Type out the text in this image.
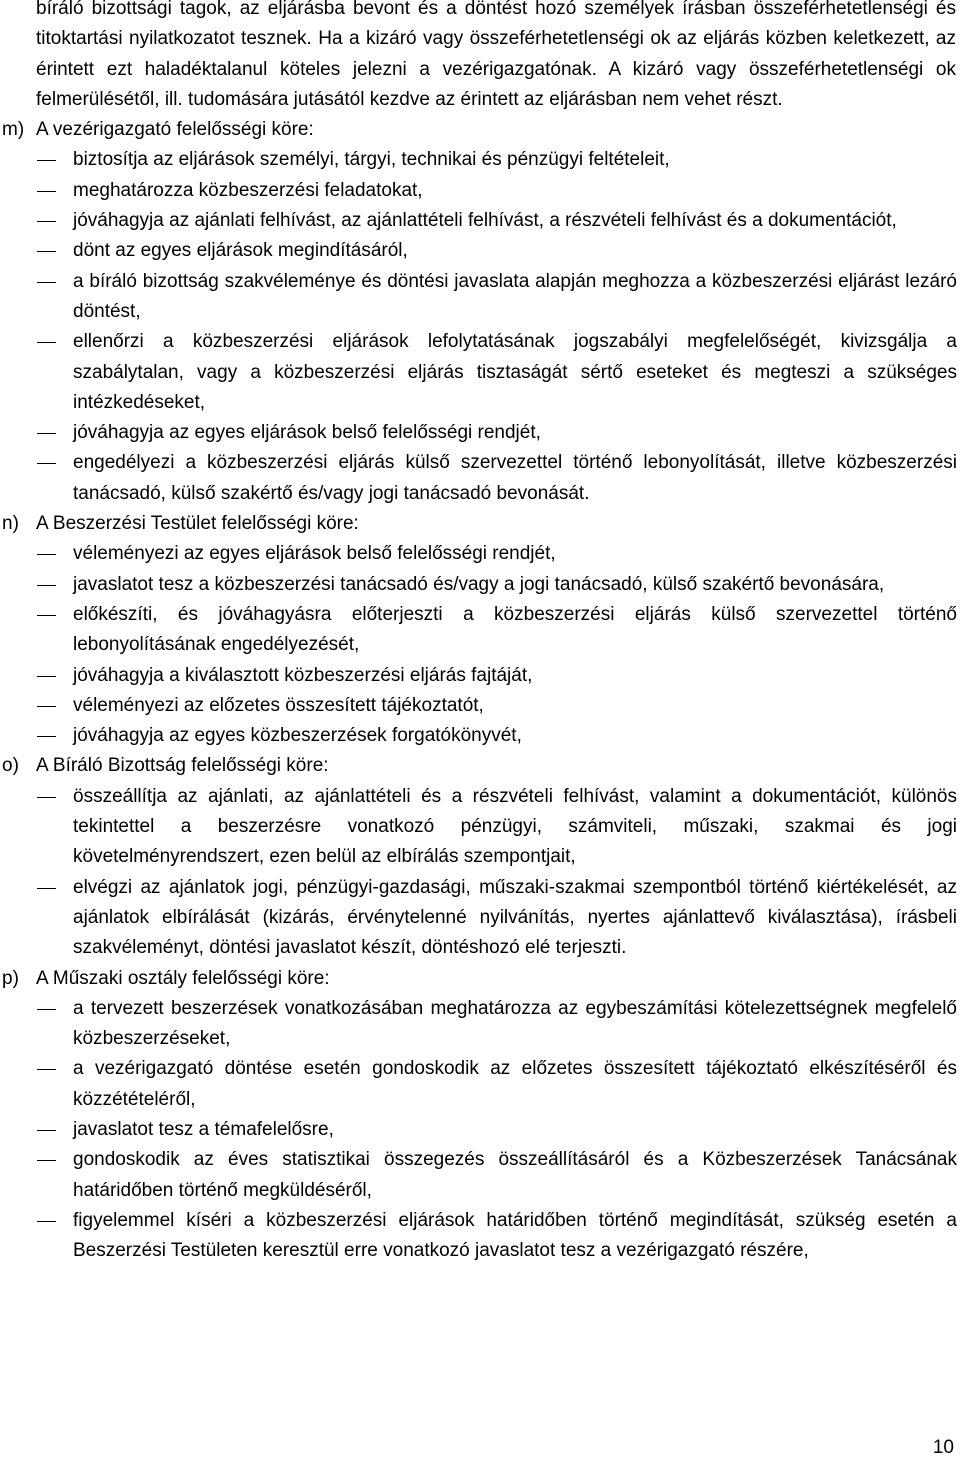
bíráló bizottsági tagok, az eljárásba bevont és a döntést hozó személyek írásban összeférhetetlenségi és titoktartási nyilatkozatot tesznek. Ha a kizáró vagy összeférhetetlenségi ok az eljárás közben keletkezett, az érintett ezt haladéktalanul köteles jelezni a vezérigazgatónak. A kizáró vagy összeférhetetlenségi ok felmerülésétől, ill. tudomására jutásától kezdve az érintett az eljárásban nem vehet részt.

m) A vezérigazgató felelősségi köre:
biztosítja az eljárások személyi, tárgyi, technikai és pénzügyi feltételeit,
meghatározza közbeszerzési feladatokat,
jóváhagyja az ajánlati felhívást, az ajánlattételi felhívást, a részvételi felhívást és a dokumentációt,
dönt az egyes eljárások megindításáról,
a bíráló bizottság szakvéleménye és döntési javaslata alapján meghozza a közbeszerzési eljárást lezáró döntést,
ellenőrzi a közbeszerzési eljárások lefolytatásának jogszabályi megfelelőségét, kivizsgálja a szabálytalan, vagy a közbeszerzési eljárás tisztaságát sértő eseteket és megteszi a szükséges intézkedéseket,
jóváhagyja az egyes eljárások belső felelősségi rendjét,
engedélyezi a közbeszerzési eljárás külső szervezettel történő lebonyolítását, illetve közbeszerzési tanácsadó, külső szakértő és/vagy jogi tanácsadó bevonását.
n) A Beszerzési Testület felelősségi köre:
véleményezi az egyes eljárások belső felelősségi rendjét,
javaslatot tesz a közbeszerzési tanácsadó és/vagy a jogi tanácsadó, külső szakértő bevonására,
előkészíti, és jóváhagyásra előterjeszti a közbeszerzési eljárás külső szervezettel történő lebonyolításának engedélyezését,
jóváhagyja a kiválasztott közbeszerzési eljárás fajtáját,
véleményezi az előzetes összesített tájékoztatót,
jóváhagyja az egyes közbeszerzések forgatókönyvét,
o) A Bíráló Bizottság felelősségi köre:
összeállítja az ajánlati, az ajánlattételi és a részvételi felhívást, valamint a dokumentációt, különös tekintettel a beszerzésre vonatkozó pénzügyi, számviteli, műszaki, szakmai és jogi követelményrendszert, ezen belül az elbírálás szempontjait,
elvégzi az ajánlatok jogi, pénzügyi-gazdasági, műszaki-szakmai szempontból történő kiértékelését, az ajánlatok elbírálását (kizárás, érvénytelenné nyilvánítás, nyertes ajánlattevő kiválasztása), írásbeli szakvéleményt, döntési javaslatot készít, döntéshozó elé terjeszti.
p) A Műszaki osztály felelősségi köre:
a tervezett beszerzések vonatkozásában meghatározza az egybeszámítási kötelezettségnek megfelelő közbeszerzéseket,
a vezérigazgató döntése esetén gondoskodik az előzetes összesített tájékoztató elkészítéséről és közzétételéről,
javaslatot tesz a témafelelősre,
gondoskodik az éves statisztikai összegezés összeállításáról és a Közbeszerzések Tanácsának határidőben történő megküldéséről,
figyelemmel kíséri a közbeszerzési eljárások határidőben történő megindítását, szükség esetén a Beszerzési Testületen keresztül erre vonatkozó javaslatot tesz a vezérigazgató részére,
10
